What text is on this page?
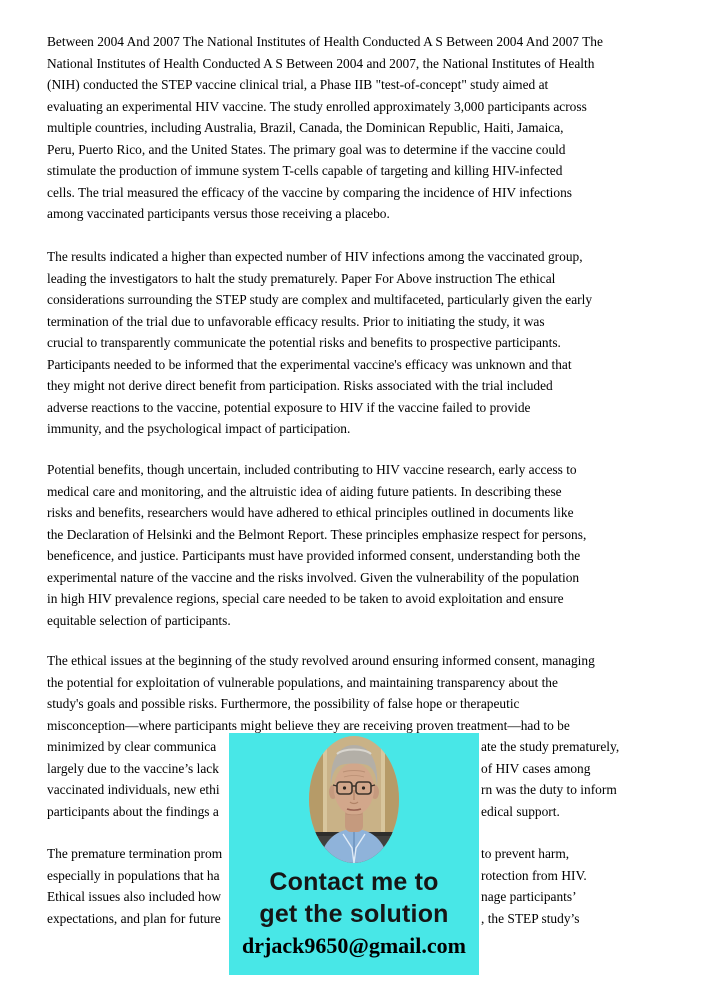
Between 2004 And 2007 The National Institutes of Health Conducted A S Between 2004 And 2007 The
National Institutes of Health Conducted A S Between 2004 and 2007, the National Institutes of Health
(NIH) conducted the STEP vaccine clinical trial, a Phase IIB "test-of-concept" study aimed at
evaluating an experimental HIV vaccine. The study enrolled approximately 3,000 participants across
multiple countries, including Australia, Brazil, Canada, the Dominican Republic, Haiti, Jamaica,
Peru, Puerto Rico, and the United States. The primary goal was to determine if the vaccine could
stimulate the production of immune system T-cells capable of targeting and killing HIV-infected
cells. The trial measured the efficacy of the vaccine by comparing the incidence of HIV infections
among vaccinated participants versus those receiving a placebo.
The results indicated a higher than expected number of HIV infections among the vaccinated group,
leading the investigators to halt the study prematurely. Paper For Above instruction The ethical
considerations surrounding the STEP study are complex and multifaceted, particularly given the early
termination of the trial due to unfavorable efficacy results. Prior to initiating the study, it was
crucial to transparently communicate the potential risks and benefits to prospective participants.
Participants needed to be informed that the experimental vaccine's efficacy was unknown and that
they might not derive direct benefit from participation. Risks associated with the trial included
adverse reactions to the vaccine, potential exposure to HIV if the vaccine failed to provide
immunity, and the psychological impact of participation.
Potential benefits, though uncertain, included contributing to HIV vaccine research, early access to
medical care and monitoring, and the altruistic idea of aiding future patients. In describing these
risks and benefits, researchers would have adhered to ethical principles outlined in documents like
the Declaration of Helsinki and the Belmont Report. These principles emphasize respect for persons,
beneficence, and justice. Participants must have provided informed consent, understanding both the
experimental nature of the vaccine and the risks involved. Given the vulnerability of the population
in high HIV prevalence regions, special care needed to be taken to avoid exploitation and ensure
equitable selection of participants.
The ethical issues at the beginning of the study revolved around ensuring informed consent, managing
the potential for exploitation of vulnerable populations, and maintaining transparency about the
study's goals and possible risks. Furthermore, the possibility of false hope or therapeutic
misconception—where participants might believe they are receiving proven treatment—had to be
minimized by clear communica	ate the study prematurely,
largely due to the vaccine’s lack	of HIV cases among
vaccinated individuals, new ethi	rn was the duty to inform
participants about the findings a	edical support.
The premature termination prom	to prevent harm,
especially in populations that ha	rotection from HIV.
Ethical issues also included how	nage participants’
expectations, and plan for future	, the STEP study’s
Contact me to
get the solution
drjack9650@gmail.com
